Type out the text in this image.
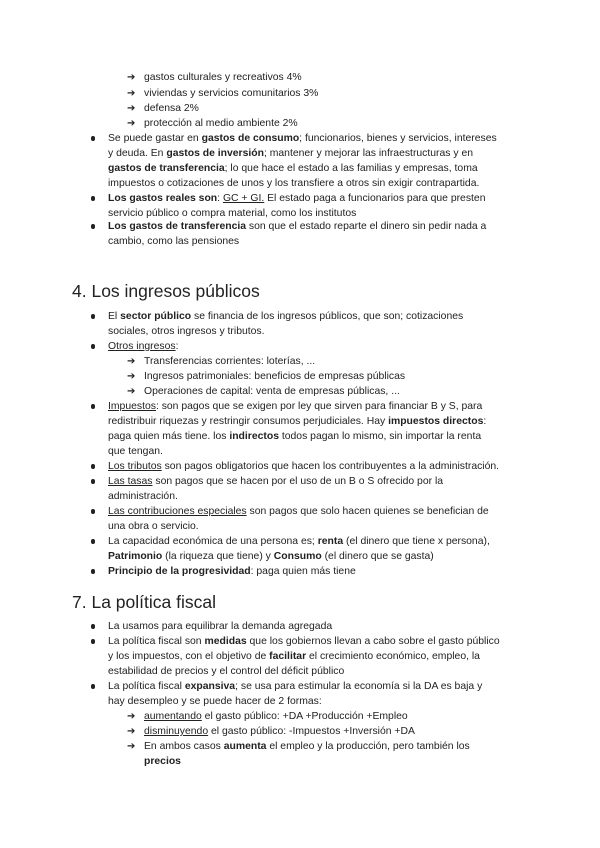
➔ gastos culturales y recreativos 4%
➔ viviendas y servicios comunitarios 3%
➔ defensa 2%
➔ protección al medio ambiente 2%
Se puede gastar en gastos de consumo; funcionarios, bienes y servicios, intereses
y deuda. En gastos de inversión; mantener y mejorar las infraestructuras y en
gastos de transferencia; lo que hace el estado a las familias y empresas, toma
impuestos o cotizaciones de unos y los transfiere a otros sin exigir contrapartida.
Los gastos reales son: GC + GI. El estado paga a funcionarios para que presten
servicio público o compra material, como los institutos
Los gastos de transferencia son que el estado reparte el dinero sin pedir nada a
cambio, como las pensiones
4. Los ingresos públicos
El sector público se financia de los ingresos públicos, que son; cotizaciones
sociales, otros ingresos y tributos.
Otros ingresos:
➔ Transferencias corrientes: loterías, ...
➔ Ingresos patrimoniales: beneficios de empresas públicas
➔ Operaciones de capital: venta de empresas públicas, ...
Impuestos: son pagos que se exigen por ley que sirven para financiar B y S, para
redistribuir riquezas y restringir consumos perjudiciales. Hay impuestos directos:
paga quien más tiene. los indirectos todos pagan lo mismo, sin importar la renta
que tengan.
Los tributos son pagos obligatorios que hacen los contribuyentes a la administración.
Las tasas son pagos que se hacen por el uso de un B o S ofrecido por la
administración.
Las contribuciones especiales son pagos que solo hacen quienes se benefician de
una obra o servicio.
La capacidad económica de una persona es; renta (el dinero que tiene x persona),
Patrimonio (la riqueza que tiene) y Consumo (el dinero que se gasta)
Principio de la progresividad: paga quien más tiene
7. La política fiscal
La usamos para equilibrar la demanda agregada
La política fiscal son medidas que los gobiernos llevan a cabo sobre el gasto público
y los impuestos, con el objetivo de facilitar el crecimiento económico, empleo, la
estabilidad de precios y el control del déficit público
La política fiscal expansiva; se usa para estimular la economía si la DA es baja y
hay desempleo y se puede hacer de 2 formas:
➔ aumentando el gasto público: +DA +Producción +Empleo
➔ disminuyendo el gasto público: -Impuestos +Inversión +DA
➔ En ambos casos aumenta el empleo y la producción, pero también los
precios
